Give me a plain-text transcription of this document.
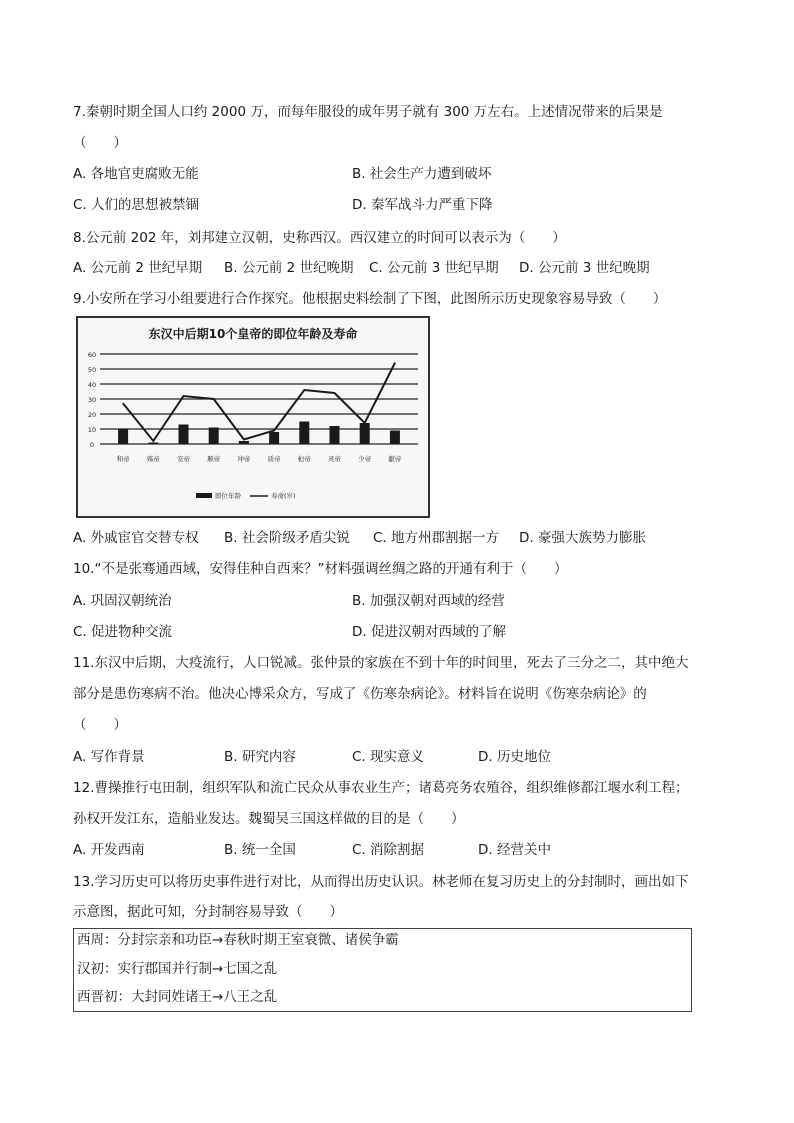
7.秦朝时期全国人口约 2000 万，而每年服役的成年男子就有 300 万左右。上述情况带来的后果是
（　　）
A. 各地官吏腐败无能	B. 社会生产力遭到破坏
C. 人们的思想被禁锢	D. 秦军战斗力严重下降
8.公元前 202 年，刘邦建立汉朝，史称西汉。西汉建立的时间可以表示为（　　）
A. 公元前 2 世纪早期 B. 公元前 2 世纪晚期 C. 公元前 3 世纪早期 D. 公元前 3 世纪晚期
9.小安所在学习小组要进行合作探究。他根据史料绘制了下图，此图所示历史现象容易导致（　　）
东汉中后期10个皇帝的即位年龄及寿命
0
10
20
30
40
50
60
和帝	殇帝	安帝	顺帝	冲帝	质帝	桓帝	灵帝	少帝	献帝
即位年龄	寿命(岁)
A. 外戚宦官交替专权 B. 社会阶级矛盾尖锐 C. 地方州郡割据一方 D. 豪强大族势力膨胀
10.“不是张骞通西域，安得佳种自西来？”材料强调丝绸之路的开通有利于（　　）
A. 巩固汉朝统治	B. 加强汉朝对西域的经营
C. 促进物种交流	D. 促进汉朝对西域的了解
11.东汉中后期，大疫流行，人口锐减。张仲景的家族在不到十年的时间里，死去了三分之二，其中绝大
部分是患伤寒病不治。他决心博采众方，写成了《伤寒杂病论》。材料旨在说明《伤寒杂病论》的
（　　）
A. 写作背景	B. 研究内容	C. 现实意义	D. 历史地位
12.曹操推行屯田制，组织军队和流亡民众从事农业生产；诸葛亮务农殖谷，组织维修都江堰水利工程；
孙权开发江东，造船业发达。魏蜀吴三国这样做的目的是（　　）
A. 开发西南	B. 统一全国	C. 消除割据	D. 经营关中
13.学习历史可以将历史事件进行对比，从而得出历史认识。林老师在复习历史上的分封制时，画出如下
示意图，据此可知，分封制容易导致（　　）
西周：分封宗亲和功臣→春秋时期王室衰微、诸侯争霸
汉初：实行郡国并行制→七国之乱
西晋初：大封同姓诸王→八王之乱
